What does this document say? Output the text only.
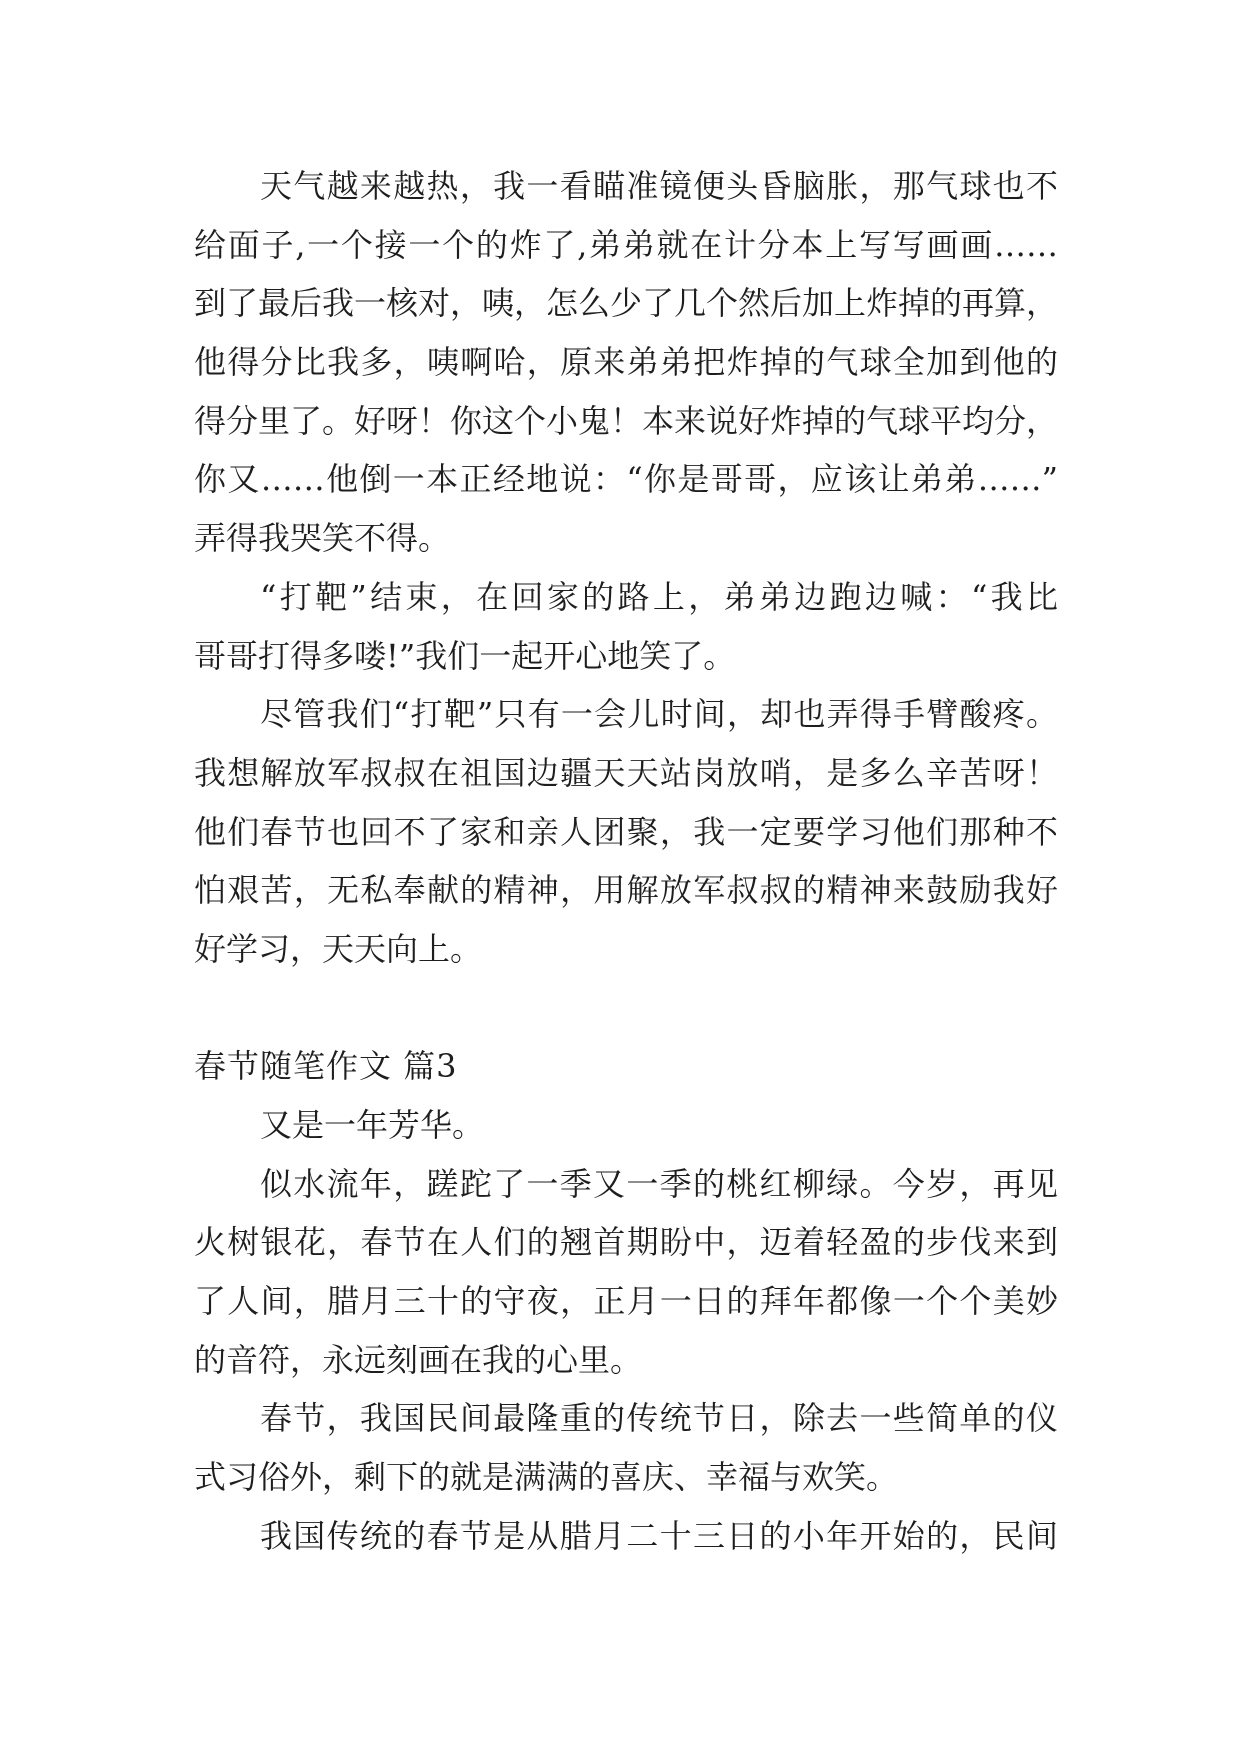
天气越来越热，我一看瞄准镜便头昏脑胀，那气球也不
给面子,一个接一个的炸了,弟弟就在计分本上写写画画……
到了最后我一核对，咦，怎么少了几个然后加上炸掉的再算，
他得分比我多，咦啊哈，原来弟弟把炸掉的气球全加到他的
得分里了。好呀！你这个小鬼！本来说好炸掉的气球平均分，
你又……他倒一本正经地说：“你是哥哥，应该让弟弟……”
弄得我哭笑不得。
“打靶”结束，在回家的路上，弟弟边跑边喊：“我比
哥哥打得多喽!”我们一起开心地笑了。
尽管我们“打靶”只有一会儿时间，却也弄得手臂酸疼。
我想解放军叔叔在祖国边疆天天站岗放哨，是多么辛苦呀！
他们春节也回不了家和亲人团聚，我一定要学习他们那种不
怕艰苦，无私奉献的精神，用解放军叔叔的精神来鼓励我好
好学习，天天向上。
春节随笔作文 篇3
又是一年芳华。
似水流年，蹉跎了一季又一季的桃红柳绿。今岁，再见
火树银花，春节在人们的翘首期盼中，迈着轻盈的步伐来到
了人间，腊月三十的守夜，正月一日的拜年都像一个个美妙
的音符，永远刻画在我的心里。
春节，我国民间最隆重的传统节日，除去一些简单的仪
式习俗外，剩下的就是满满的喜庆、幸福与欢笑。
我国传统的春节是从腊月二十三日的小年开始的，民间
